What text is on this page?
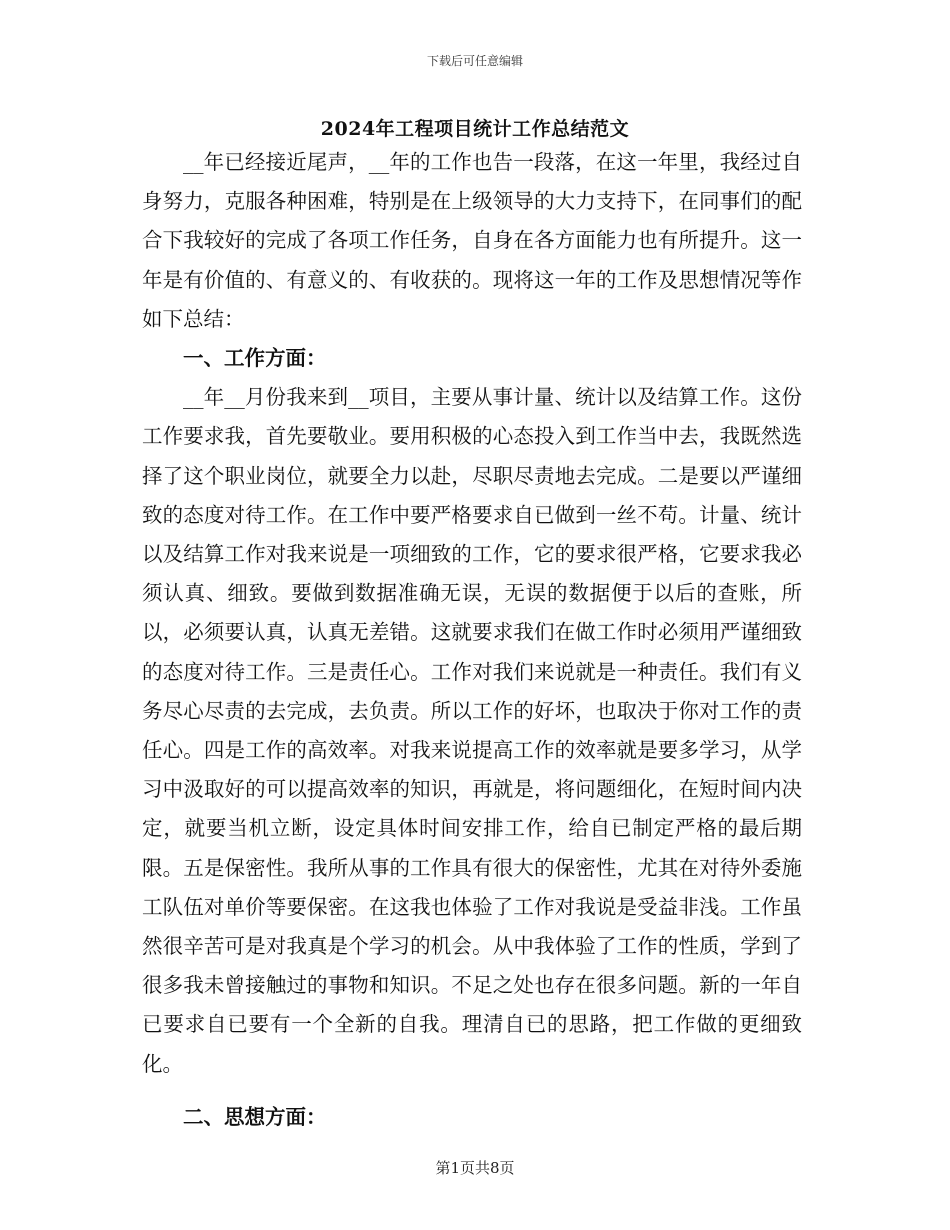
下载后可任意编辑
2024年工程项目统计工作总结范文

__年已经接近尾声，__年的工作也告一段落，在这一年里，我经过自身努力，克服各种困难，特别是在上级领导的大力支持下，在同事们的配合下我较好的完成了各项工作任务，自身在各方面能力也有所提升。这一年是有价值的、有意义的、有收获的。现将这一年的工作及思想情况等作如下总结：

一、工作方面：

__年__月份我来到__项目，主要从事计量、统计以及结算工作。这份工作要求我，首先要敬业。要用积极的心态投入到工作当中去，我既然选择了这个职业岗位，就要全力以赴，尽职尽责地去完成。二是要以严谨细致的态度对待工作。在工作中要严格要求自已做到一丝不苟。计量、统计以及结算工作对我来说是一项细致的工作，它的要求很严格，它要求我必须认真、细致。要做到数据准确无误，无误的数据便于以后的查账，所以，必须要认真，认真无差错。这就要求我们在做工作时必须用严谨细致的态度对待工作。三是责任心。工作对我们来说就是一种责任。我们有义务尽心尽责的去完成，去负责。所以工作的好坏，也取决于你对工作的责任心。四是工作的高效率。对我来说提高工作的效率就是要多学习，从学习中汲取好的可以提高效率的知识，再就是，将问题细化，在短时间内决定，就要当机立断，设定具体时间安排工作，给自已制定严格的最后期限。五是保密性。我所从事的工作具有很大的保密性，尤其在对待外委施工队伍对单价等要保密。在这我也体验了工作对我说是受益非浅。工作虽然很辛苦可是对我真是个学习的机会。从中我体验了工作的性质，学到了很多我未曾接触过的事物和知识。不足之处也存在很多问题。新的一年自已要求自已要有一个全新的自我。理清自已的思路，把工作做的更细致化。

二、思想方面：

第1页共8页
